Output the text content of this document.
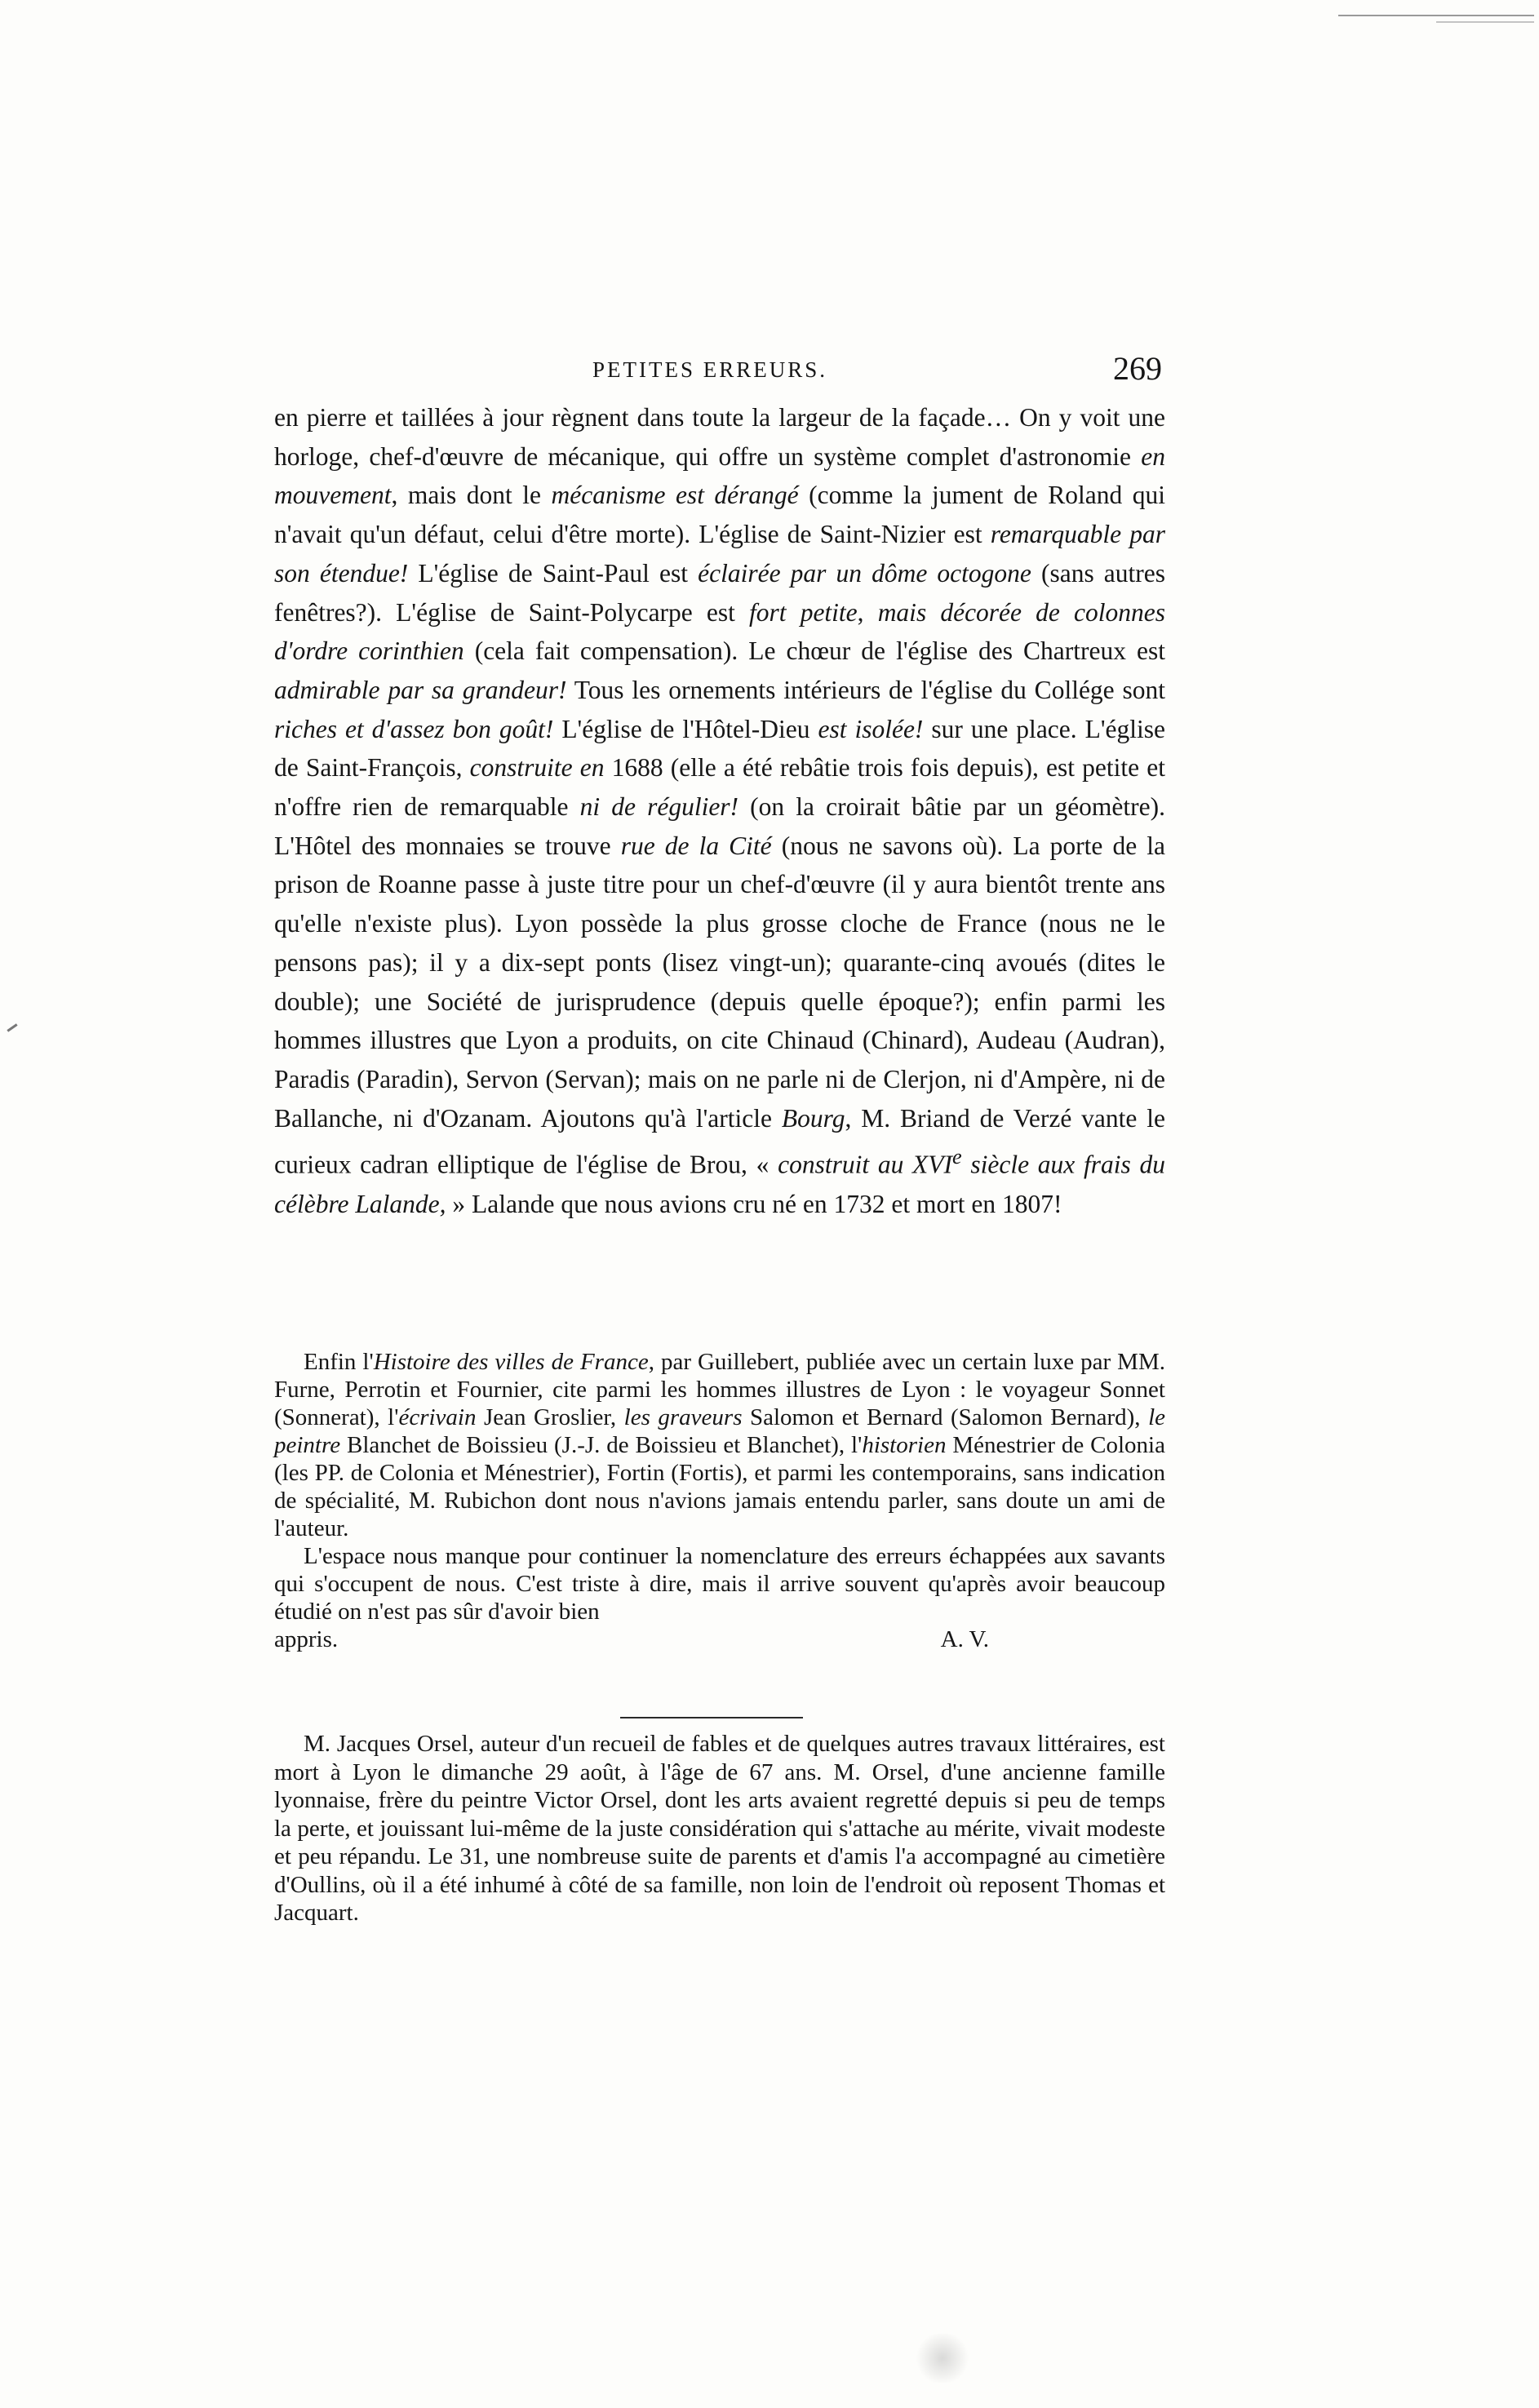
PETITES ERREURS.	269

en pierre et taillées à jour règnent dans toute la largeur de la façade… On y voit une horloge, chef-d'œuvre de mécanique, qui offre un système complet d'astronomie en mouvement, mais dont le mécanisme est dérangé (comme la jument de Roland qui n'avait qu'un défaut, celui d'être morte). L'église de Saint-Nizier est remarquable par son étendue! L'église de Saint-Paul est éclairée par un dôme octogone (sans autres fenêtres?). L'église de Saint-Polycarpe est fort petite, mais décorée de colonnes d'ordre corinthien (cela fait compensation). Le chœur de l'église des Chartreux est admirable par sa grandeur! Tous les ornements intérieurs de l'église du Collége sont riches et d'assez bon goût! L'église de l'Hôtel-Dieu est isolée! sur une place. L'église de Saint-François, construite en 1688 (elle a été rebâtie trois fois depuis), est petite et n'offre rien de remarquable ni de régulier! (on la croirait bâtie par un géomètre). L'Hôtel des monnaies se trouve rue de la Cité (nous ne savons où). La porte de la prison de Roanne passe à juste titre pour un chef-d'œuvre (il y aura bientôt trente ans qu'elle n'existe plus). Lyon possède la plus grosse cloche de France (nous ne le pensons pas); il y a dix-sept ponts (lisez vingt-un); quarante-cinq avoués (dites le double); une Société de jurisprudence (depuis quelle époque?); enfin parmi les hommes illustres que Lyon a produits, on cite Chinaud (Chinard), Audeau (Audran), Paradis (Paradin), Servon (Servan); mais on ne parle ni de Clerjon, ni d'Ampère, ni de Ballanche, ni d'Ozanam. Ajoutons qu'à l'article Bourg, M. Briand de Verzé vante le curieux cadran elliptique de l'église de Brou, « construit au XVIe siècle aux frais du célèbre Lalande, » Lalande que nous avions cru né en 1732 et mort en 1807!

Enfin l'Histoire des villes de France, par Guillebert, publiée avec un certain luxe par MM. Furne, Perrotin et Fournier, cite parmi les hommes illustres de Lyon : le voyageur Sonnet (Sonnerat), l'écrivain Jean Groslier, les graveurs Salomon et Bernard (Salomon Bernard), le peintre Blanchet de Boissieu (J.-J. de Boissieu et Blanchet), l'historien Ménestrier de Colonia (les PP. de Colonia et Ménestrier), Fortin (Fortis), et parmi les contemporains, sans indication de spécialité, M. Rubichon dont nous n'avions jamais entendu parler, sans doute un ami de l'auteur.

L'espace nous manque pour continuer la nomenclature des erreurs échappées aux savants qui s'occupent de nous. C'est triste à dire, mais il arrive souvent qu'après avoir beaucoup étudié on n'est pas sûr d'avoir bien

appris.	A. V.

M. Jacques Orsel, auteur d'un recueil de fables et de quelques autres travaux littéraires, est mort à Lyon le dimanche 29 août, à l'âge de 67 ans. M. Orsel, d'une ancienne famille lyonnaise, frère du peintre Victor Orsel, dont les arts avaient regretté depuis si peu de temps la perte, et jouissant lui-même de la juste considération qui s'attache au mérite, vivait modeste et peu répandu. Le 31, une nombreuse suite de parents et d'amis l'a accompagné au cimetière d'Oullins, où il a été inhumé à côté de sa famille, non loin de l'endroit où reposent Thomas et Jacquart.
